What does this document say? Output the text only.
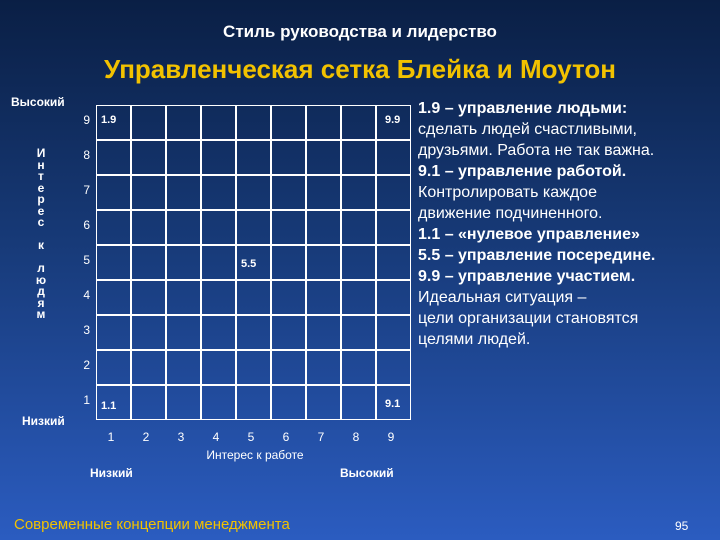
Стиль руководства и лидерство
Управленческая сетка Блейка и Моутон
Высокий
И
н
т
е
р
е
с
к
л
ю
д
я
м
Низкий
9
8
7
6
5
4
3
2
1
1.9	9.9
5.5
1.1	9.1
1	2	3	4	5	6	7	8	9
Интерес к работе
Низкий	Высокий
1.9 – управление людьми:
сделать людей счастливыми,
друзьями. Работа не так важна.
9.1 – управление работой.
Контролировать каждое
движение подчиненного.
1.1 – «нулевое управление»
5.5 – управление посередине.
9.9 – управление участием.
Идеальная ситуация –
цели организации становятся
целями людей.
Современные концепции менеджмента	95
